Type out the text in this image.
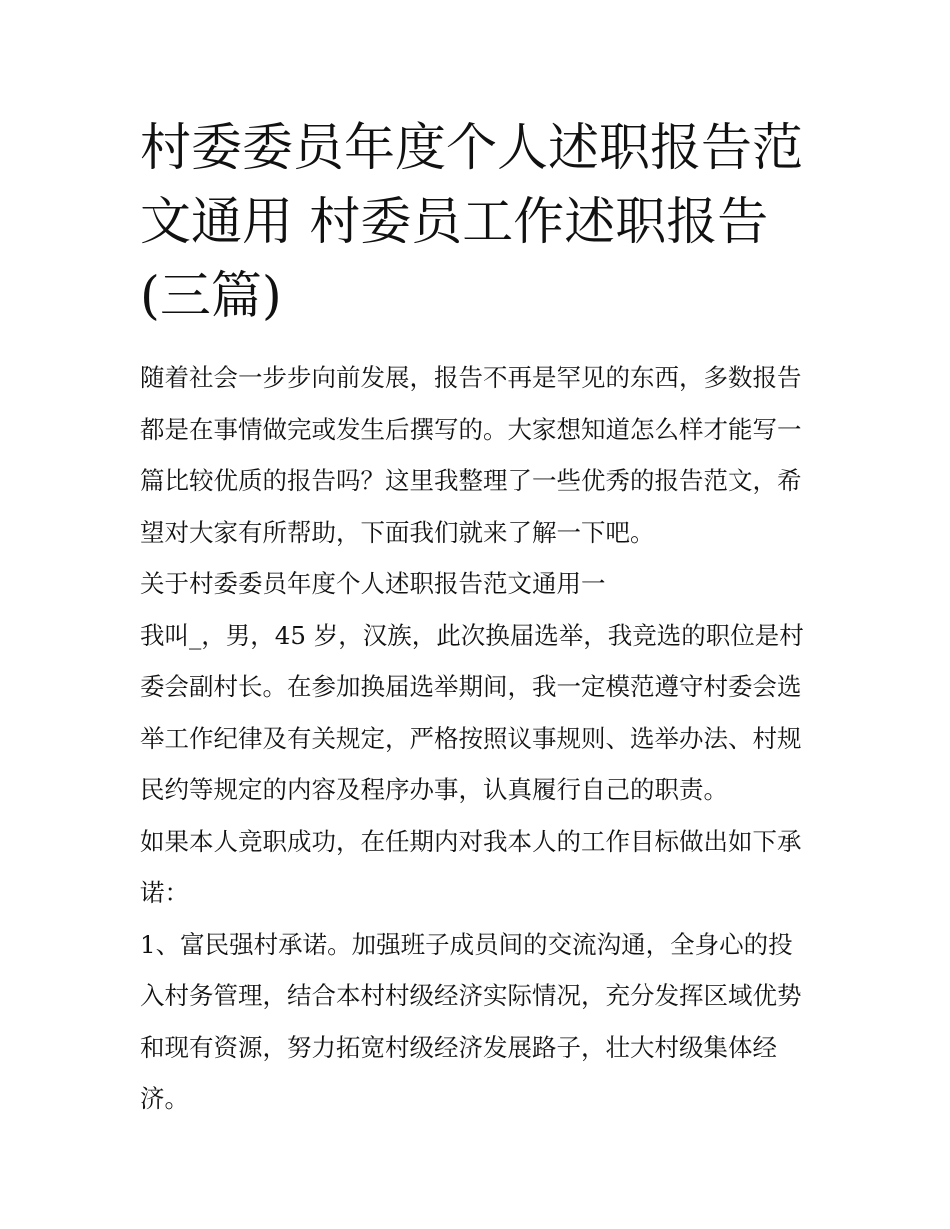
村委委员年度个人述职报告范
文通用 村委员工作述职报告
(三篇)
随着社会一步步向前发展，报告不再是罕见的东西，多数报告
都是在事情做完或发生后撰写的。大家想知道怎么样才能写一
篇比较优质的报告吗？这里我整理了一些优秀的报告范文，希
望对大家有所帮助，下面我们就来了解一下吧。
关于村委委员年度个人述职报告范文通用一
我叫_，男，45 岁，汉族，此次换届选举，我竞选的职位是村
委会副村长。在参加换届选举期间，我一定模范遵守村委会选
举工作纪律及有关规定，严格按照议事规则、选举办法、村规
民约等规定的内容及程序办事，认真履行自己的职责。
如果本人竞职成功，在任期内对我本人的工作目标做出如下承
诺：
1、富民强村承诺。加强班子成员间的交流沟通，全身心的投
入村务管理，结合本村村级经济实际情况，充分发挥区域优势
和现有资源，努力拓宽村级经济发展路子，壮大村级集体经
济。
